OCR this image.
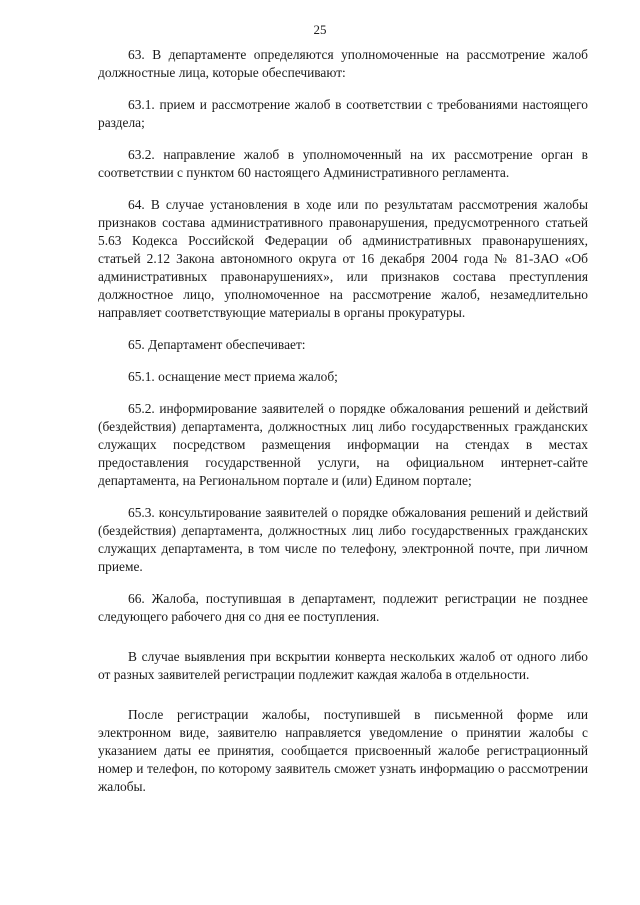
25

63. В департаменте определяются уполномоченные на рассмотрение жалоб должностные лица, которые обеспечивают:

63.1. прием и рассмотрение жалоб в соответствии с требованиями настоящего раздела;

63.2. направление жалоб в уполномоченный на их рассмотрение орган в соответствии с пунктом 60 настоящего Административного регламента.

64. В случае установления в ходе или по результатам рассмотрения жалобы признаков состава административного правонарушения, предусмотренного статьей 5.63 Кодекса Российской Федерации об административных правонарушениях, статьей 2.12 Закона автономного округа от 16 декабря 2004 года № 81-ЗАО «Об административных правонарушениях», или признаков состава преступления должностное лицо, уполномоченное на рассмотрение жалоб, незамедлительно направляет соответствующие материалы в органы прокуратуры.

65. Департамент обеспечивает:

65.1. оснащение мест приема жалоб;

65.2. информирование заявителей о порядке обжалования решений и действий (бездействия) департамента, должностных лиц либо государственных гражданских служащих посредством размещения информации на стендах в местах предоставления государственной услуги, на официальном интернет-сайте департамента, на Региональном портале и (или) Едином портале;

65.3. консультирование заявителей о порядке обжалования решений и действий (бездействия) департамента, должностных лиц либо государственных гражданских служащих департамента, в том числе по телефону, электронной почте, при личном приеме.

66. Жалоба, поступившая в департамент, подлежит регистрации не позднее следующего рабочего дня со дня ее поступления.

В случае выявления при вскрытии конверта нескольких жалоб от одного либо от разных заявителей регистрации подлежит каждая жалоба в отдельности.

После регистрации жалобы, поступившей в письменной форме или электронном виде, заявителю направляется уведомление о принятии жалобы с указанием даты ее принятия, сообщается присвоенный жалобе регистрационный номер и телефон, по которому заявитель сможет узнать информацию о рассмотрении жалобы.
